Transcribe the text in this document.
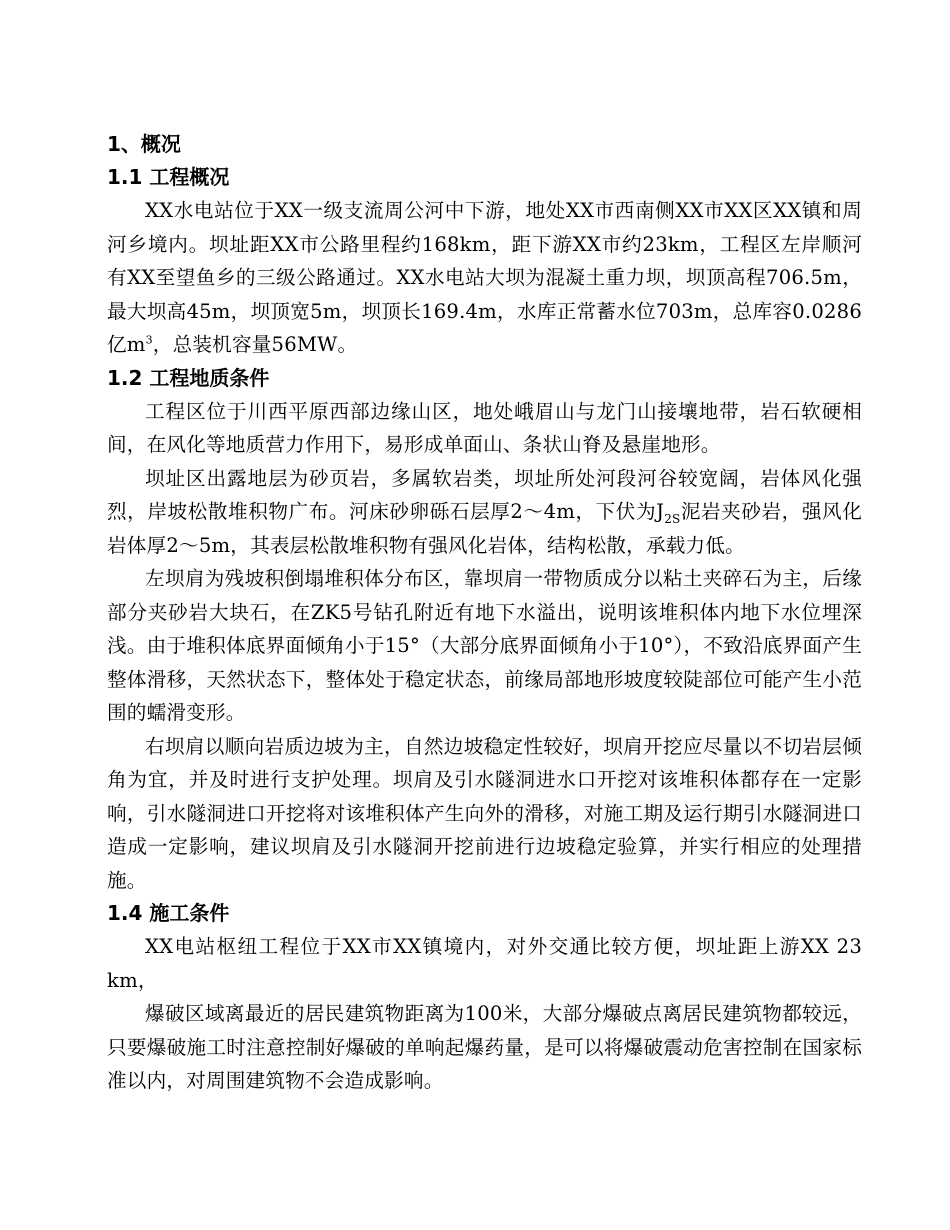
1、概况
1.1 工程概况

XX水电站位于XX一级支流周公河中下游，地处XX市西南侧XX市XX区XX镇和周河乡境内。坝址距XX市公路里程约168km，距下游XX市约23km，工程区左岸顺河有XX至望鱼乡的三级公路通过。XX水电站大坝为混凝土重力坝，坝顶高程706.5m，最大坝高45m，坝顶宽5m，坝顶长169.4m，水库正常蓄水位703m，总库容0.0286亿$m^3$，总装机容量56MW。

1.2 工程地质条件

工程区位于川西平原西部边缘山区，地处峨眉山与龙门山接壤地带，岩石软硬相间，在风化等地质营力作用下，易形成单面山、条状山脊及悬崖地形。

坝址区出露地层为砂页岩，多属软岩类，坝址所处河段河谷较宽阔，岩体风化强烈，岸坡松散堆积物广布。河床砂卵砾石层厚2～4m，下伏为$J_{2S}$泥岩夹砂岩，强风化岩体厚2～5m，其表层松散堆积物有强风化岩体，结构松散，承载力低。

左坝肩为残坡积倒塌堆积体分布区，靠坝肩一带物质成分以粘土夹碎石为主，后缘部分夹砂岩大块石，在ZK5号钻孔附近有地下水溢出，说明该堆积体内地下水位埋深浅。由于堆积体底界面倾角小于15°（大部分底界面倾角小于10°），不致沿底界面产生整体滑移，天然状态下，整体处于稳定状态，前缘局部地形坡度较陡部位可能产生小范围的蠕滑变形。

右坝肩以顺向岩质边坡为主，自然边坡稳定性较好，坝肩开挖应尽量以不切岩层倾角为宜，并及时进行支护处理。坝肩及引水隧洞进水口开挖对该堆积体都存在一定影响，引水隧洞进口开挖将对该堆积体产生向外的滑移，对施工期及运行期引水隧洞进口造成一定影响，建议坝肩及引水隧洞开挖前进行边坡稳定验算，并实行相应的处理措施。

1.4 施工条件

XX电站枢纽工程位于XX市XX镇境内，对外交通比较方便，坝址距上游XX 23 km，

爆破区域离最近的居民建筑物距离为100米，大部分爆破点离居民建筑物都较远，只要爆破施工时注意控制好爆破的单响起爆药量，是可以将爆破震动危害控制在国家标准以内，对周围建筑物不会造成影响。
